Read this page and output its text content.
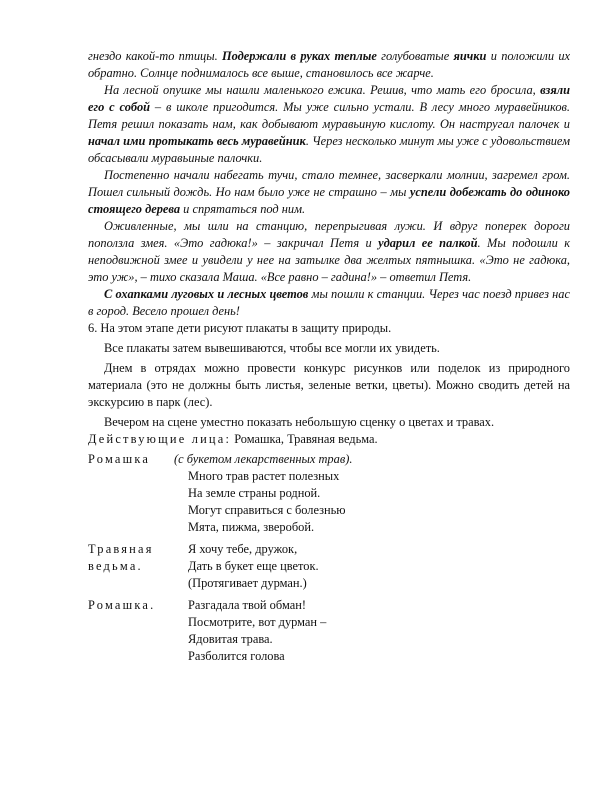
гнездо какой-то птицы. Подержали в руках теплые голубоватые яички и положили их обратно. Солнце поднималось все выше, становилось все жарче.

На лесной опушке мы нашли маленького ежика. Решив, что мать его бросила, взяли его с собой – в школе пригодится. Мы уже сильно устали. В лесу много муравейников. Петя решил показать нам, как добывают муравьиную кислоту. Он настругал палочек и начал ими протыкать весь муравейник. Через несколько минут мы уже с удовольствием обсасывали муравьиные палочки.

Постепенно начали набегать тучи, стало темнее, засверкали молнии, загремел гром. Пошел сильный дождь. Но нам было уже не страшно – мы успели добежать до одиноко стоящего дерева и спрятаться под ним.

Оживленные, мы шли на станцию, перепрыгивая лужи. И вдруг поперек дороги поползла змея. «Это гадюка!» – закричал Петя и ударил ее палкой. Мы подошли к неподвижной змее и увидели у нее на затылке два желтых пятнышка. «Это не гадюка, это уж», – тихо сказала Маша. «Все равно – гадина!» – ответил Петя.

С охапками луговых и лесных цветов мы пошли к станции. Через час поезд привез нас в город. Весело прошел день!

6. На этом этапе дети рисуют плакаты в защиту природы.

Все плакаты затем вывешиваются, чтобы все могли их увидеть.

Днем в отрядах можно провести конкурс рисунков или поделок из природного материала (это не должны быть листья, зеленые ветки, цветы). Можно сводить детей на экскурсию в парк (лес).

Вечером на сцене уместно показать небольшую сценку о цветах и травах.

Действующие лица: Ромашка, Травяная ведьма.

Ромашка	(с букетом лекарственных трав).
Много трав растет полезных
На земле страны родной.
Могут справиться с болезнью
Мята, пижма, зверобой.
Травяная ведьма.
Я хочу тебе, дружок,
Дать в букет еще цветок.
(Протягивает дурман.)
Ромашка.	Разгадала твой обман!
Посмотрите, вот дурман –
Ядовитая трава.
Разболится голова
